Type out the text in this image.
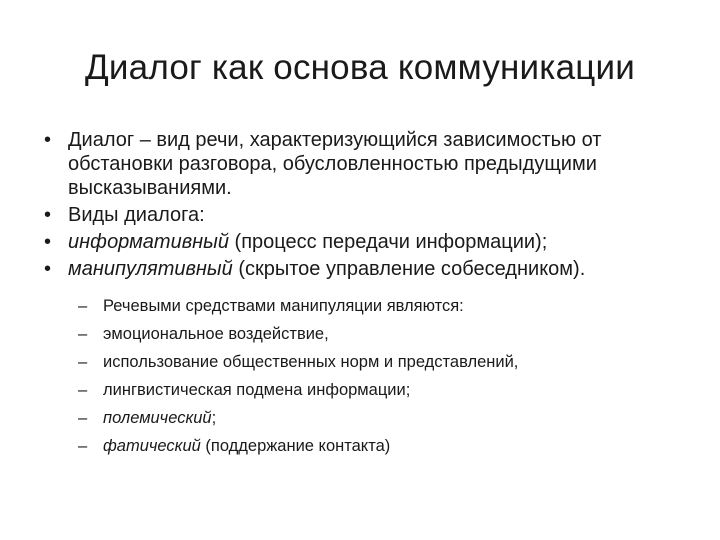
Диалог как основа коммуникации
• Диалог – вид речи, характеризующийся зависимостью от обстановки разговора, обусловленностью предыдущими высказываниями.
• Виды диалога:
• информативный (процесс передачи информации);
• манипулятивный (скрытое управление собеседником).
– Речевыми средствами манипуляции являются:
– эмоциональное воздействие,
– использование общественных норм и представлений,
– лингвистическая подмена информации;
– полемический;
– фатический (поддержание контакта)
